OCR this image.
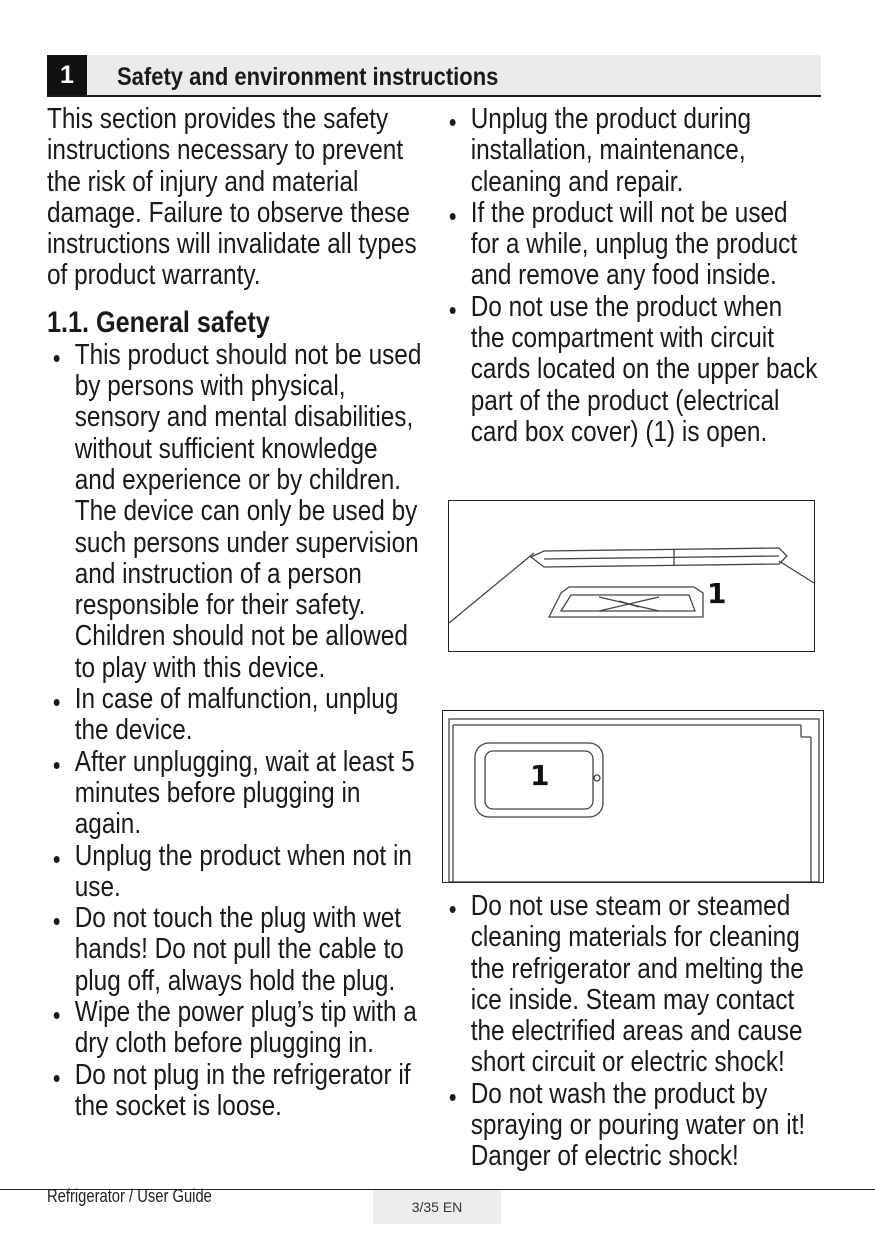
1	Safety and environment instructions

This section provides the safety instructions necessary to prevent the risk of injury and material damage. Failure to observe these instructions will invalidate all types of product warranty.

1.1. General safety

This product should not be used by persons with physical, sensory and mental disabilities, without sufficient knowledge and experience or by children. The device can only be used by such persons under supervision and instruction of a person responsible for their safety. Children should not be allowed to play with this device.
In case of malfunction, unplug the device.
After unplugging, wait at least 5 minutes before plugging in again.
Unplug the product when not in use.
Do not touch the plug with wet hands! Do not pull the cable to plug off, always hold the plug.
Wipe the power plug’s tip with a dry cloth before plugging in.
Do not plug in the refrigerator if the socket is loose.
Unplug the product during installation, maintenance, cleaning and repair.
If the product will not be used for a while, unplug the product and remove any food inside.
Do not use the product when the compartment with circuit cards located on the upper back part of the product (electrical card box cover) (1) is open.
1
1
Do not use steam or steamed cleaning materials for cleaning the refrigerator and melting the ice inside. Steam may contact the electrified areas and cause short circuit or electric shock!
Do not wash the product by spraying or pouring water on it! Danger of electric shock!
Refrigerator / User Guide
3/35 EN
